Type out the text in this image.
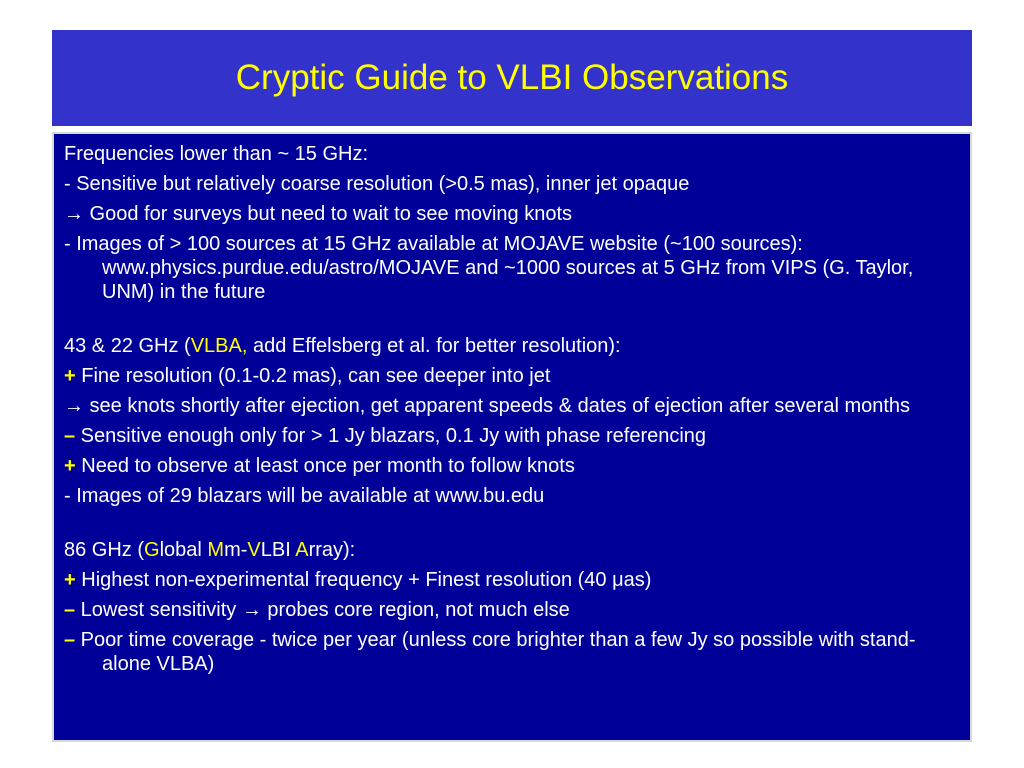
Cryptic Guide to VLBI Observations

Frequencies lower than ~ 15 GHz:

- Sensitive but relatively coarse resolution (>0.5 mas), inner jet opaque

→ Good for surveys but need to wait to see moving knots

- Images of > 100 sources at 15 GHz available at MOJAVE website (~100 sources): www.physics.purdue.edu/astro/MOJAVE and ~1000 sources at 5 GHz from VIPS (G. Taylor, UNM) in the future

43 & 22 GHz (VLBA, add Effelsberg et al. for better resolution):

+ Fine resolution (0.1-0.2 mas), can see deeper into jet

→ see knots shortly after ejection, get apparent speeds & dates of ejection after several months

– Sensitive enough only for > 1 Jy blazars, 0.1 Jy with phase referencing

+ Need to observe at least once per month to follow knots

- Images of 29 blazars will be available at www.bu.edu

86 GHz (Global Mm-VLBI Array):

+ Highest non-experimental frequency + Finest resolution (40 μas)

– Lowest sensitivity → probes core region, not much else

– Poor time coverage - twice per year (unless core brighter than a few Jy so possible with stand-alone VLBA)
